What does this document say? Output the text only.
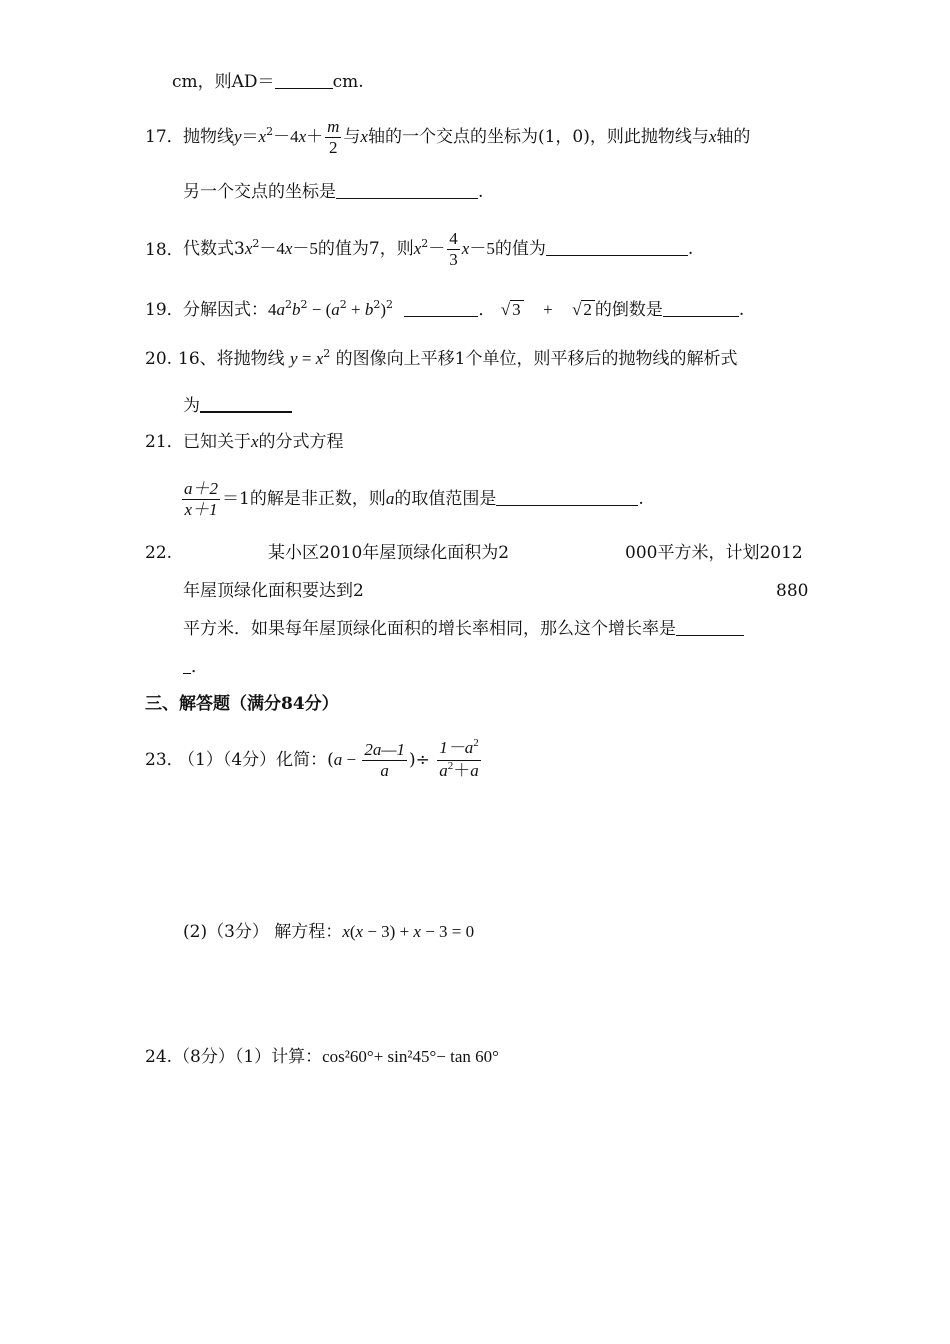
cm，则AD＝	cm.
17． 抛物线$y=x^2-4x+ \frac{m}{2}$ 与x轴的一个交点的坐标为(1，0)，则此抛物线与x轴的
另一个交点的坐标是	.
18． 代数式$3x^2-4x-5$的值为7，则$x^2- \frac{4}{3} x-5$的值为	.
19． 分解因式：$4a^2b^2 - (a^2 + b^2)^2$	． √ 3 + √ 2 的倒数是	.
20. 16、将抛物线 $y = x^2$ 的图像向上平移1个单位，则平移后的抛物线的解析式
为
21． 已知关于x的分式方程
$\frac{a+2}{x+1} =1$的解是非正数，则a的取值范围是	.
22.	某小区2010年屋顶绿化面积为2	000平方米，计划2012
年屋顶绿化面积要达到2	880
平方米．如果每年屋顶绿化面积的增长率相同，那么这个增长率是
．
三、解答题（满分84分）
23．
（1）（4分）化简：($a - \frac{2a—1}{a}$ )÷ $\frac{1-a^2}{a^2+a}$
(2)（3分） 解方程：x(x − 3) + x − 3 = 0
24. （8分）（1）计算：cos²60°+ sin²45°− tan 60°
